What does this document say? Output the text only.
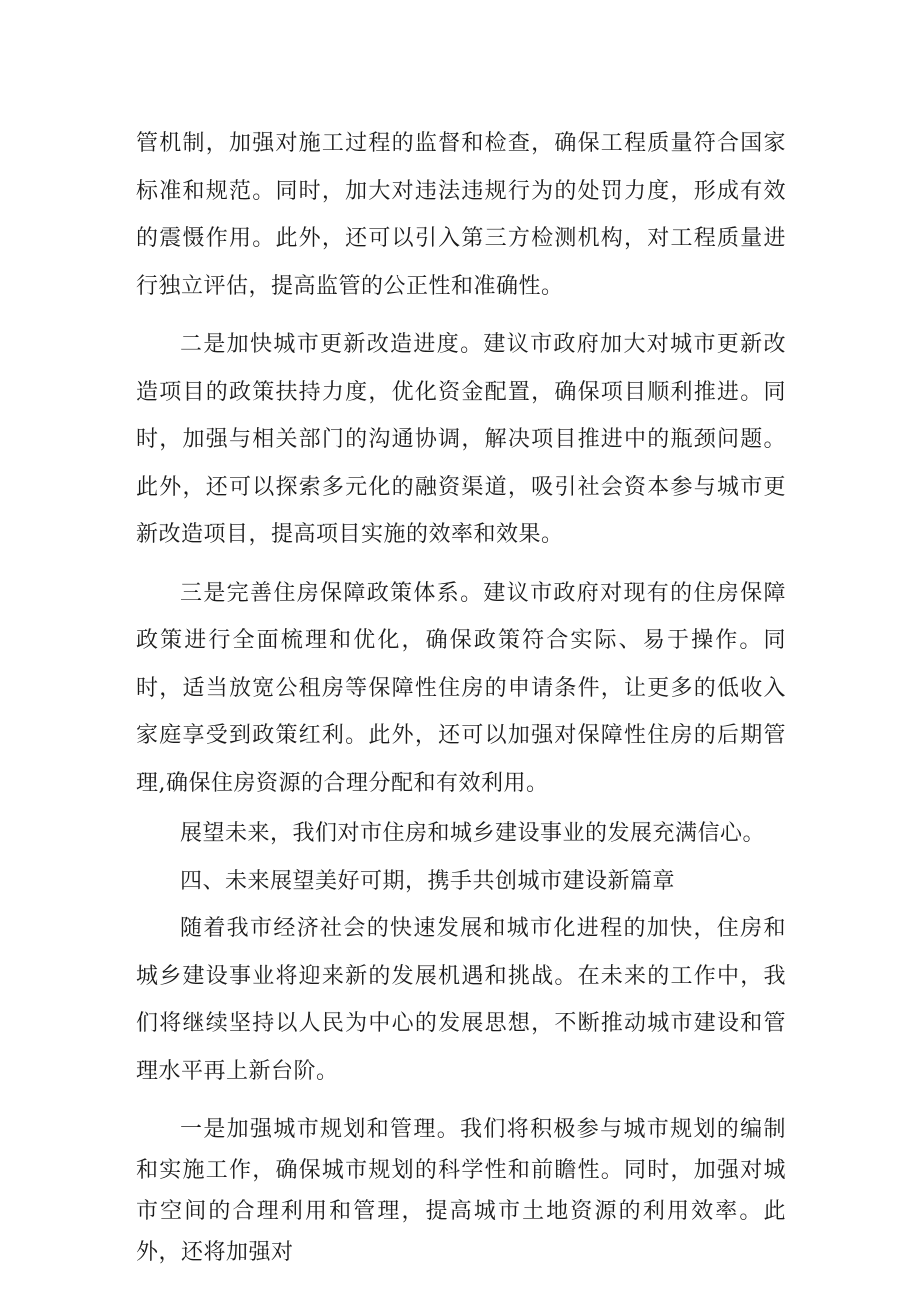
管机制，加强对施工过程的监督和检查，确保工程质量符合国家标准和规范。同时，加大对违法违规行为的处罚力度，形成有效的震慑作用。此外，还可以引入第三方检测机构，对工程质量进行独立评估，提高监管的公正性和准确性。

二是加快城市更新改造进度。建议市政府加大对城市更新改造项目的政策扶持力度，优化资金配置，确保项目顺利推进。同时，加强与相关部门的沟通协调，解决项目推进中的瓶颈问题。此外，还可以探索多元化的融资渠道，吸引社会资本参与城市更新改造项目，提高项目实施的效率和效果。

三是完善住房保障政策体系。建议市政府对现有的住房保障政策进行全面梳理和优化，确保政策符合实际、易于操作。同时，适当放宽公租房等保障性住房的申请条件，让更多的低收入家庭享受到政策红利。此外，还可以加强对保障性住房的后期管理,确保住房资源的合理分配和有效利用。

展望未来，我们对市住房和城乡建设事业的发展充满信心。

四、未来展望美好可期，携手共创城市建设新篇章

随着我市经济社会的快速发展和城市化进程的加快，住房和城乡建设事业将迎来新的发展机遇和挑战。在未来的工作中，我们将继续坚持以人民为中心的发展思想，不断推动城市建设和管理水平再上新台阶。

一是加强城市规划和管理。我们将积极参与城市规划的编制和实施工作，确保城市规划的科学性和前瞻性。同时，加强对城市空间的合理利用和管理，提高城市土地资源的利用效率。此外，还将加强对
